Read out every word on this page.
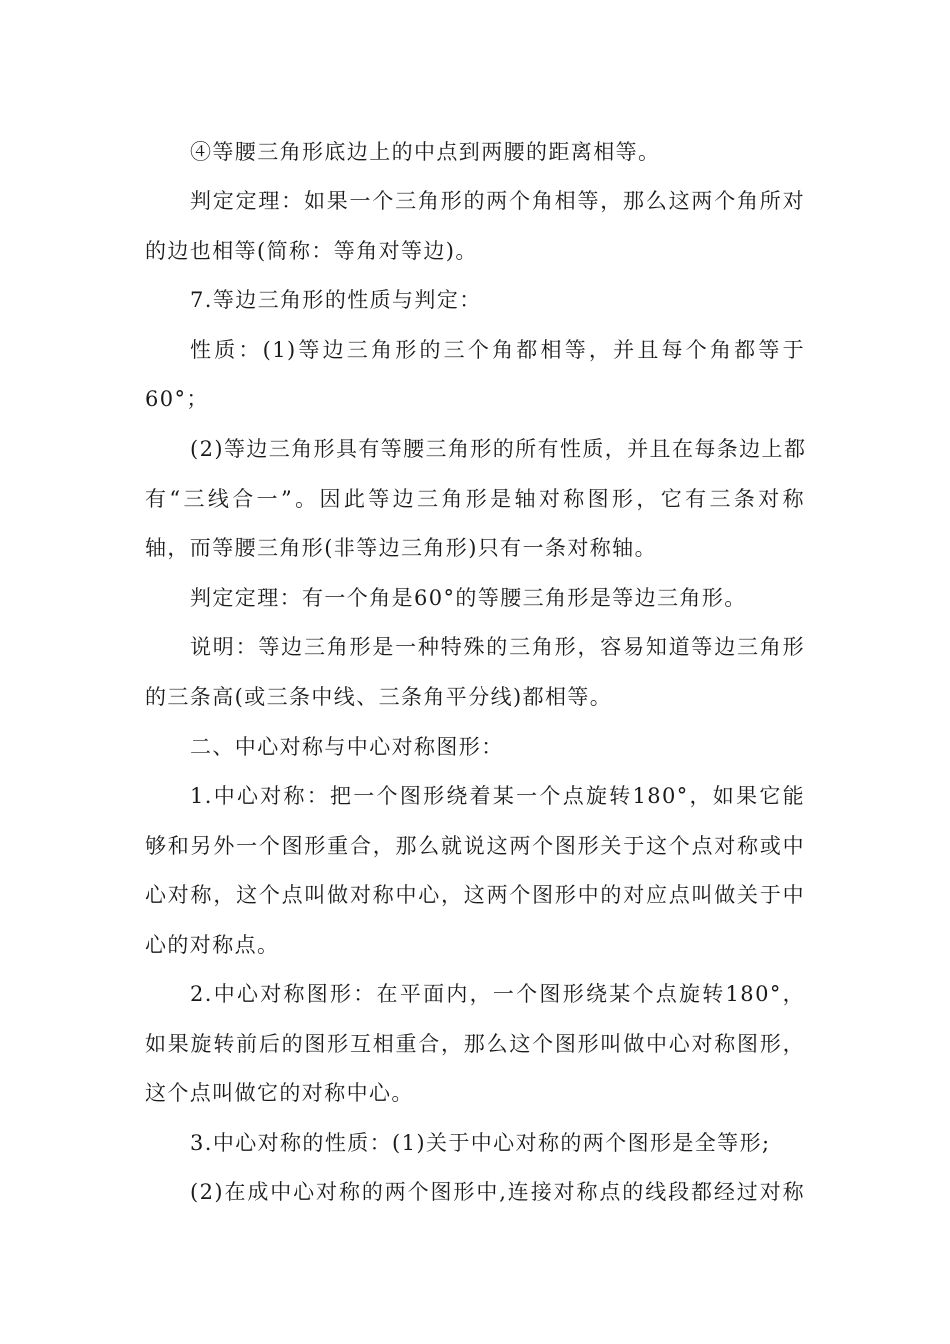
④等腰三角形底边上的中点到两腰的距离相等。
判定定理：如果一个三角形的两个角相等，那么这两个角所对
的边也相等(简称：等角对等边)。
7.等边三角形的性质与判定：
性质：(1)等边三角形的三个角都相等，并且每个角都等于
60°；
(2)等边三角形具有等腰三角形的所有性质，并且在每条边上都
有“三线合一”。因此等边三角形是轴对称图形，它有三条对称
轴，而等腰三角形(非等边三角形)只有一条对称轴。
判定定理：有一个角是60°的等腰三角形是等边三角形。
说明：等边三角形是一种特殊的三角形，容易知道等边三角形
的三条高(或三条中线、三条角平分线)都相等。
二、中心对称与中心对称图形：
1.中心对称：把一个图形绕着某一个点旋转180°，如果它能
够和另外一个图形重合，那么就说这两个图形关于这个点对称或中
心对称，这个点叫做对称中心，这两个图形中的对应点叫做关于中
心的对称点。
2.中心对称图形：在平面内，一个图形绕某个点旋转180°，
如果旋转前后的图形互相重合，那么这个图形叫做中心对称图形，
这个点叫做它的对称中心。
3.中心对称的性质：(1)关于中心对称的两个图形是全等形;
(2)在成中心对称的两个图形中,连接对称点的线段都经过对称
